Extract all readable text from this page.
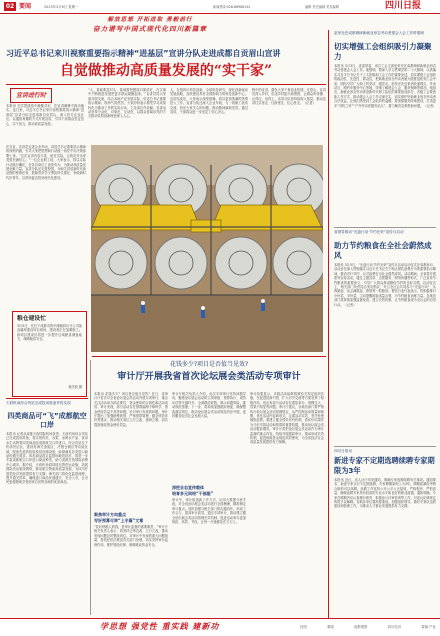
02 要闻	2023年3月6日 星期一	新闻热线:028-86968152	编辑 责任编辑 美术编辑	四川日报
解放思想 开拓进取 勇毅前行
奋力谱写中国式现代化四川新篇章
习近平总书记来川视察重要指示精神“进基层”宣讲分队走进成都自贡眉山宣讲
自觉做推动高质量发展的“实干家”
宣讲进行时
本报讯 在学思践悟中凝聚共识，在宣讲阐释中推动落实。连日来，习近平总书记来川视察重要指示精神“进基层”宣讲分队走进成都自贡眉山，深入机关企业社区，以通俗易懂的方式开展宣讲，引导干部群众坚定信心、实干担当，推动高质量发展。
“人、基础要进村头、基础要把题面对面讲好，在实事中不断推进发展把更多群众凝聚起来。”宣讲员同大家面对面交流，结合本地产业发展实际，讲述总书记重要指示精神。现场气氛热烈，大家纷纷表示要把学习成果转化为推动工作的实际行动，立足岗位作贡献。宣讲活动坚持分众化、对象化、互动化，以群众喜闻乐见的方式推动党的创新理论深入人心。
人，扎根四川科技创新，全球科技研究，深化创新驱动发展战略，加快建设具有全国影响力的科技创新中心。宣讲结束后，大家表示深受鼓舞，将以更加饱满的热情投入工作。宣讲分队还深入企业车间，与一线职工座谈交流，回应大家关心的问题，推动精神落地见效。通过宣讲，干部群众进一步坚定了信心决心。
程中的宣讲，激发大家干事创业热情。在眉山，宣讲员深入乡村，讲述乡村振兴新图景，让群众听得懂、记得住、用得上。宣讲分队将持续深入基层，推动宣讲往实里走、往深里走、往心里走。（记者）
粮仓建设忙
3月5日，在位于成都市的中储粮四川分公司某直属库建设项目现场，建设者正在加紧施工。该项目建成后将进一步提升区域粮食储备能力，保障粮食安全。
蒋彦波 摄
在自贡，宣讲员走进企业车间，讲述总书记重要指示精神的深刻内涵，引导大家把思想和行动统一到党中央决策部署上来。“这次宣讲内容丰富、贴近实际，让我们对未来发展充满信心。”一位企业职工说。大家表示，将以实际行动践行嘱托，在各自岗位上奋发有为，为推动高质量发展贡献力量。宣讲分队还走进校园，为师生讲述新时代新征程的使命任务，鼓励青年学子勇担时代重任，争做新时代好青年，以昂扬姿态投身现代化建设。
赵荣光在成都调研新就业形态劳动者建会入会工作时强调
切实增强工会组织吸引力凝聚力
本报讯 3月3日，省委常委、省总工会主席赵荣光在成都调研新就业形态劳动者建会入会工作。他强调，要深入学习贯彻党的二十大精神，认真落实习近平总书记关于工人阶级和工会工作的重要论述，切实增强工会组织的政治性、先进性、群众性，把新就业形态劳动者最大限度组织到工会中来，团结引导广大职工听党话、跟党走。赵荣光先后来到快递网点、外卖站点、网约车服务中心等地，详细了解建会入会、服务保障等情况。他指出，新就业形态劳动者是新时代职工队伍的重要组成部分，各级工会要创新工作方式，推动建会入会工作走深走实，切实维护好新就业形态劳动者合法权益，让他们感受到工会组织的温暖。要加强服务阵地建设，打造更多“司机之家”“户外劳动者服务站点”，着力解决急难愁盼问题。（记者）
省领导推动“光盘行动·节约光荣”宣传月启动
助力节约粮食在全社会蔚然成风
本报讯 3月3日，“光盘行动·节约光荣”宣传月活动启动仪式在成都举行。活动旨在深入贯彻落实习近平总书记关于制止餐饮浪费行为的重要指示精神，推动厉行节约、反对浪费在全社会蔚然成风。活动期间，全省将开展系列宣传活动，通过主题宣讲、志愿服务、网络传播等形式，广泛宣传节约粮食的重要意义，引导广大群众养成勤俭节约的良好习惯。启动仪式上，相关部门负责同志发出倡议，号召全社会共同参与“光盘行动”，从我做起、从点滴做起，珍惜每一粒粮食。餐饮行业代表表示，将积极推行小份菜、半份菜，主动提醒顾客适量点餐，为节约粮食贡献力量。各地各部门将持续加强监督检查，建立长效机制，让节约粮食成为全社会的自觉行动。（记者）
四川日报讯
新进专家不定期选聘续聘专家期限为3年
本报讯 近日，省人社厅印发通知，明确专家选聘续聘有关事项。通知要求，新进专家实行不定期选聘，专家聘期原则上为3年，聘期届满经考核合格的可以续聘。选聘工作坚持公开公平公正原则，严格程序、严把质量，确保选聘专家具有较高的专业水平和良好的职业道德。通知明确，专家在聘期内应认真履行职责，积极参与评审咨询等工作，对违反纪律规定的将予以解聘。各地各单位要高度重视，加强组织领导，做好专家队伍的建设和管理工作，为推动人才事业发展提供有力支撑。
天府机场综合货站完成投用准备并将实现
四类商品可“飞”成都航空口岸
本报讯 记者从成都天府国际机场获悉，天府机场综合货站已完成投用准备，将实现肉类、水果、冰鲜水产品、食用水生动物等四类商品经成都航空口岸进口。综合货站位于机场货运区，建设有海关查验区、冷链仓储区等功能区域，配备先进的检验检疫设施设备，能够满足各类进口商品的通关需求。四类商品指定监管场地投用后，将进一步丰富成都航空口岸进口商品种类，助力成都打造国际消费中心城市。据介绍，天府机场将持续完善货运设施，拓展国际货运航线网络，推动航空物流高质量发展，为四川开放型经济发展提供有力支撑。海关部门将优化监管流程，提升通关效率，确保进口商品快速通关、安全入市，让市民更便捷地享受到来自世界各地的优质商品。
花钱多少?项目是否值当见效?
审计厅开展我省首次论坛展会类活动专项审计
本报讯 花钱多少？项目是否值当见效？近日，省审计厅首次对全省论坛展会类活动开展专项审计，重点关注活动举办的必要性、资金使用的合规性和活动成效。审计发现，部分活动存在预算编制不够科学、资金使用效益不高等问题。针对审计发现的问题，审计厅提出了加强统筹规划、严格预算管理、健全绩效评价等建议，推动相关单位立行立改、建章立制，切实提高财政资金使用效益。
审计厅相关负责人介绍，此次专项审计坚持问题导向，聚焦论坛展会活动的立项审批、预算执行、成效评估等关键环节，全面摸清底数，揭示问题风险，推动规范管理。下一步，将持续加强跟踪督促，确保整改落实到位，推动论坛展会类活动规范有序开展，更好服务经济社会发展大局。
深挖业态宣传载体
培育多元网络“干部服”
审计中，审计组创新工作方式，运用大数据分析手段，对全省论坛展会类活动进行全面梳理，精准锁定审计重点。同时加强与相关部门的沟通协作，形成工作合力，提高审计质效。通过专项审计，推动建立健全论坛展会类活动管理长效机制，促进活动举办更加规范、高效、节俭，让每一分钱都花在刀刃上。
审计结果显示，多数活动能够按照有关规定组织实施，在促进招商引资、扩大对外交流等方面发挥了积极作用。但也有部分活动存在重复举办、规模过大、效果不明显等问题。审计厅建议，各地各部门要严格执行论坛展会活动管理规定，从严控制活动数量和规模，优化活动内容和形式，注重活动实效，坚决杜绝铺张浪费。要建立健全绩效评价机制，将评价结果作为今后安排活动和预算的重要依据，推动论坛展会类活动提质增效。审计厅将把论坛展会类活动作为审计监督的重点内容，持续开展跟踪审计，推动形成长效机制，促进财政资金规范高效使用，为全省经济社会高质量发展提供有力保障。
聚焦审计方向重点
写好预算尽审“上半篇”文章
“花好纳税人的钱，是审计监督的重要职责。”审计厅相关负责人表示，将坚持边审边改、立行立改，推动发现问题及时整改到位。对审计中发现的重大问题线索，将依纪依法移送有关部门处理，切实发挥审计监督作用，维护财经纪律，保障财政资金安全。
学思想 强党性 重实践 建新功	封面	要闻	成都观察	四川经济	要闻·产业
